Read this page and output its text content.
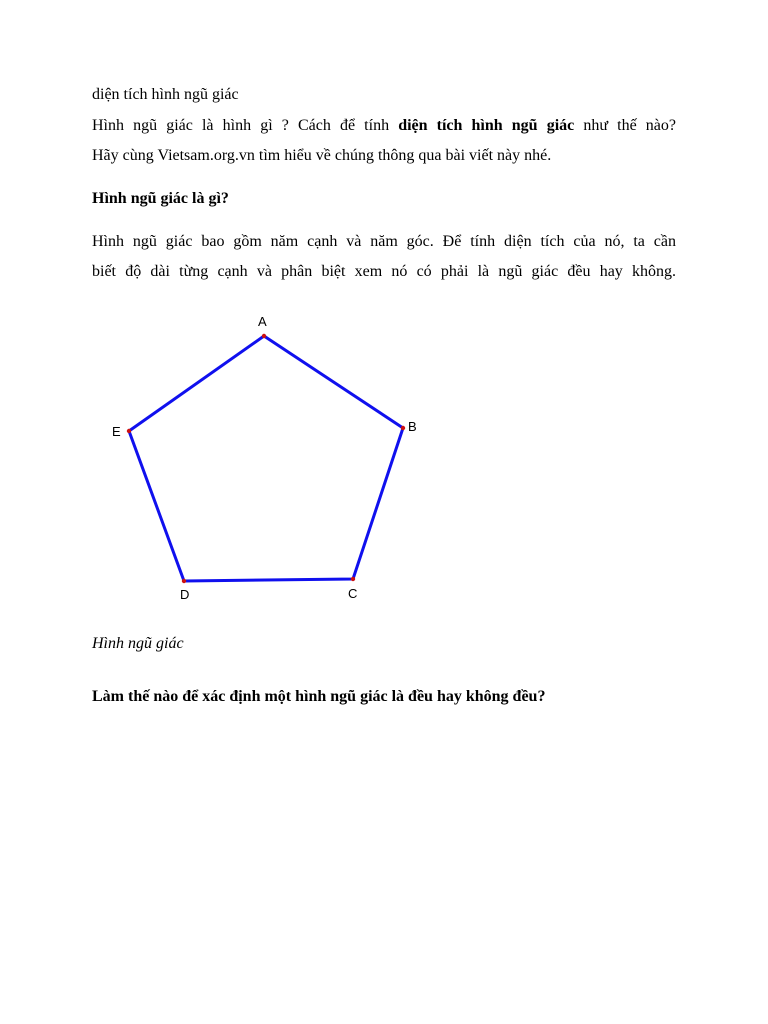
diện tích hình ngũ giác
Hình ngũ giác là hình gì ? Cách để tính diện tích hình ngũ giác như thế nào?
Hãy cùng Vietsam.org.vn tìm hiểu về chúng thông qua bài viết này nhé.
Hình ngũ giác là gì?
Hình ngũ giác bao gồm năm cạnh và năm góc. Để tính diện tích của nó, ta cần
biết độ dài từng cạnh và phân biệt xem nó có phải là ngũ giác đều hay không.
A
B
C
D
E
Hình ngũ giác
Làm thế nào để xác định một hình ngũ giác là đều hay không đều?
